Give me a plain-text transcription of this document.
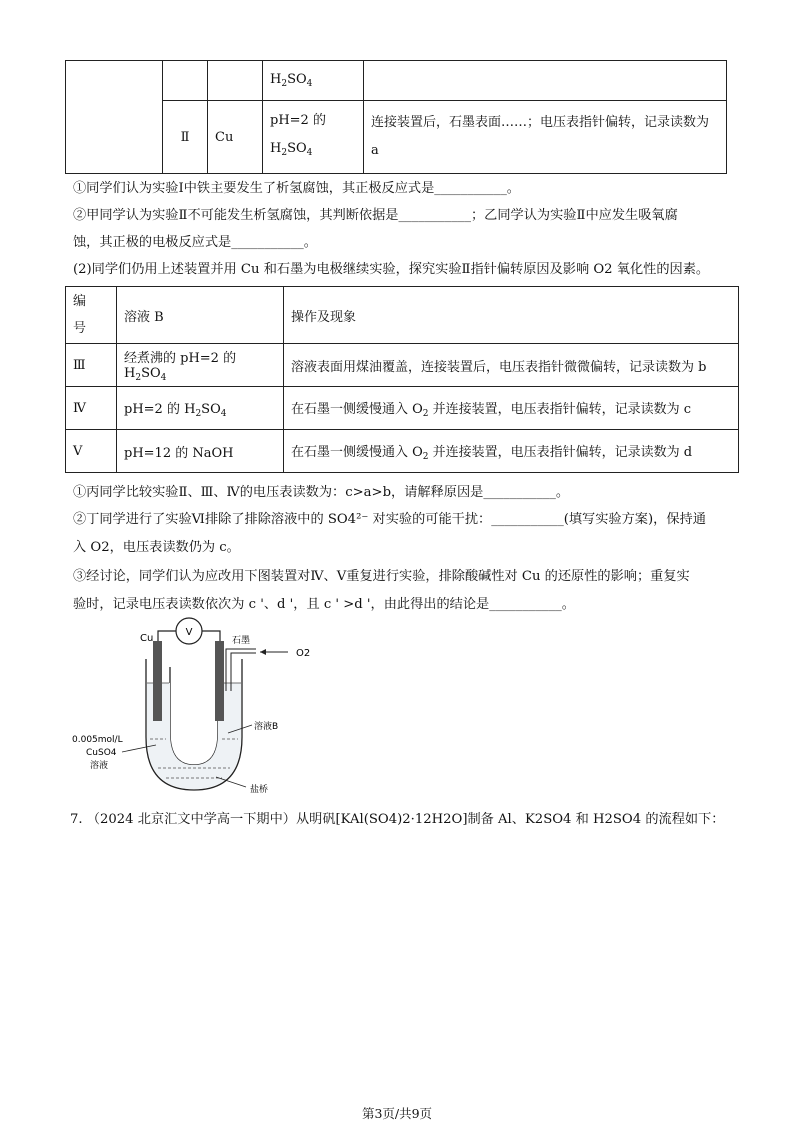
			$H_2SO_4$	
	Ⅱ	Cu	pH=2 的
$H_2SO_4$	连接装置后，石墨表面……；电压表指针偏转，记录读数为 a
①同学们认为实验Ⅰ中铁主要发生了析氢腐蚀，其正极反应式是___________。
②甲同学认为实验Ⅱ不可能发生析氢腐蚀，其判断依据是___________；乙同学认为实验Ⅱ中应发生吸氧腐
蚀，其正极的电极反应式是___________。
(2)同学们仍用上述装置并用 Cu 和石墨为电极继续实验，探究实验Ⅱ指针偏转原因及影响 O2 氧化性的因素。
编
号	溶液 B	操作及现象
Ⅲ	经煮沸的 pH=2 的 $H_2SO_4$	溶液表面用煤油覆盖，连接装置后，电压表指针微微偏转，记录读数为 b
Ⅳ	pH=2 的 $H_2SO_4$	在石墨一侧缓慢通入 $O_2$ 并连接装置，电压表指针偏转，记录读数为 c
Ⅴ	pH=12 的 NaOH	在石墨一侧缓慢通入 $O_2$ 并连接装置，电压表指针偏转，记录读数为 d
①丙同学比较实验Ⅱ、Ⅲ、Ⅳ的电压表读数为：c>a>b，请解释原因是___________。
②丁同学进行了实验Ⅵ排除了排除溶液中的 SO4²⁻ 对实验的可能干扰：___________(填写实验方案)，保持通
入 O2，电压表读数仍为 c。
③经讨论，同学们认为应改用下图装置对Ⅳ、Ⅴ重复进行实验，排除酸碱性对 Cu 的还原性的影响；重复实
验时，记录电压表读数依次为 c '、d '，且 c ' >d '，由此得出的结论是___________。
V
Cu	石墨
O2
溶液B
0.005mol/L
CuSO4
溶液
盐桥
7. （2024 北京汇文中学高一下期中）从明矾[KAl(SO4)2·12H2O]制备 Al、K2SO4 和 H2SO4 的流程如下：
第3页/共9页
